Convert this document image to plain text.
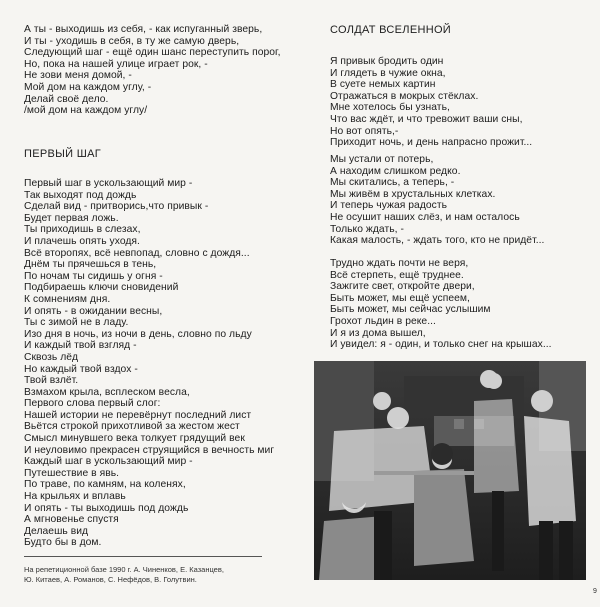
А ты - выходишь из себя, - как испуганный зверь,
И ты - уходишь в себя, в ту же самую дверь,
Следующий шаг - ещё один шанс переступить порог,
Но, пока на нашей улице играет рок, -
Не зови меня домой, -
Мой дом на каждом углу, -
Делай своё дело.
/мой дом на каждом углу/
ПЕРВЫЙ ШАГ
Первый шаг в ускользающий мир -
Так выходят под дождь
Сделай вид - притворись,что привык -
Будет первая ложь.
Ты приходишь в слезах,
И плачешь опять уходя.
Всё второпях, всё невпопад, словно с дождя...
Днём ты прячешься в тень,
По ночам ты сидишь у огня -
Подбираешь ключи сновидений
К сомнениям дня.
И опять - в ожидании весны,
Ты с зимой не в ладу.
Изо дня в ночь, из ночи в день, словно по льду
И каждый твой взгляд -
Сквозь лёд
Но каждый твой вздох -
Твой взлёт.
Взмахом крыла, всплеском весла,
Первого слова первый слог:
Нашей истории не перевёрнут последний лист
Вьётся строкой прихотливой за жестом жест
Смысл минувшего века толкует грядущий век
И неуловимо прекрасен струящийся в вечность миг
Каждый шаг в ускользающий мир -
Путешествие в явь.
По траве, по камням, на коленях,
На крыльях и вплавь
И опять - ты выходишь под дождь
А мгновенье спустя
Делаешь вид
Будто бы в дом.
СОЛДАТ ВСЕЛЕННОЙ
Я привык бродить один
И глядеть в чужие окна,
В суете немых картин
Отражаться в мокрых стёклах.
Мне хотелось бы узнать,
Что вас ждёт, и что тревожит ваши сны,
Но вот опять,-
Приходит ночь, и день напрасно прожит...
Мы устали от потерь,
А находим слишком редко.
Мы скитались, а теперь, -
Мы живём в хрустальных клетках.
И теперь чужая радость
Не осушит наших слёз, и нам осталось
Только ждать, -
Какая малость, - ждать того, кто не придёт...
Трудно ждать почти не веря,
Всё стерпеть, ещё труднее.
Зажгите свет, откройте двери,
Быть может, мы ещё успеем,
Быть может, мы сейчас услышим
Грохот льдин в реке...
И я из дома вышел,
И увидел: я - один, и только снег на крышах...
На репетиционной базе 1990 г. А. Чиненков, Е. Казанцев,
Ю. Китаев, А. Романов, С. Нефёдов, В. Голутвин.
9
